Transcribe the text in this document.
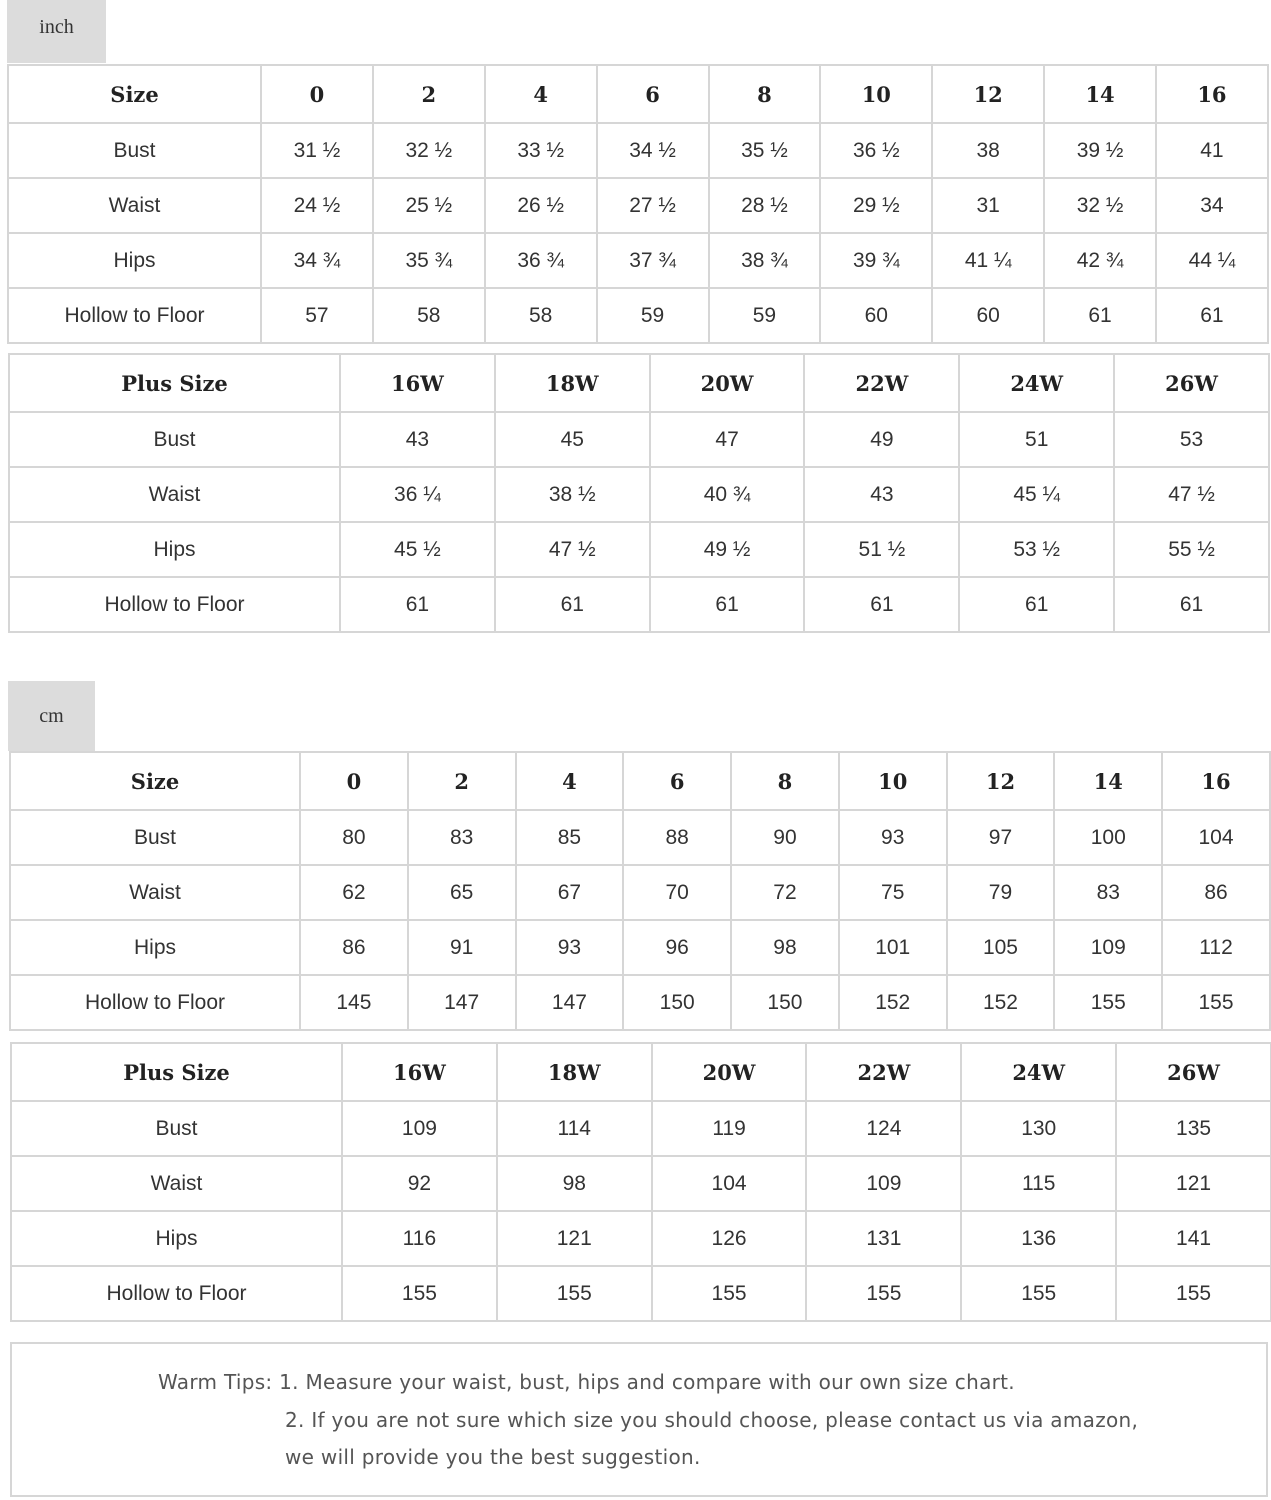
inch
Size	0	2	4	6	8	10	12	14	16
Bust	31 ½	32 ½	33 ½	34 ½	35 ½	36 ½	38	39 ½	41
Waist	24 ½	25 ½	26 ½	27 ½	28 ½	29 ½	31	32 ½	34
Hips	34 ¾	35 ¾	36 ¾	37 ¾	38 ¾	39 ¾	41 ¼	42 ¾	44 ¼
Hollow to Floor	57	58	58	59	59	60	60	61	61
Plus Size	16W	18W	20W	22W	24W	26W
Bust	43	45	47	49	51	53
Waist	36 ¼	38 ½	40 ¾	43	45 ¼	47 ½
Hips	45 ½	47 ½	49 ½	51 ½	53 ½	55 ½
Hollow to Floor	61	61	61	61	61	61
cm
Size	0	2	4	6	8	10	12	14	16
Bust	80	83	85	88	90	93	97	100	104
Waist	62	65	67	70	72	75	79	83	86
Hips	86	91	93	96	98	101	105	109	112
Hollow to Floor	145	147	147	150	150	152	152	155	155
Plus Size	16W	18W	20W	22W	24W	26W
Bust	109	114	119	124	130	135
Waist	92	98	104	109	115	121
Hips	116	121	126	131	136	141
Hollow to Floor	155	155	155	155	155	155
Warm Tips: 1. Measure your waist, bust, hips and compare with our own size chart.
2. If you are not sure which size you should choose, please contact us via amazon,
we will provide you the best suggestion.
